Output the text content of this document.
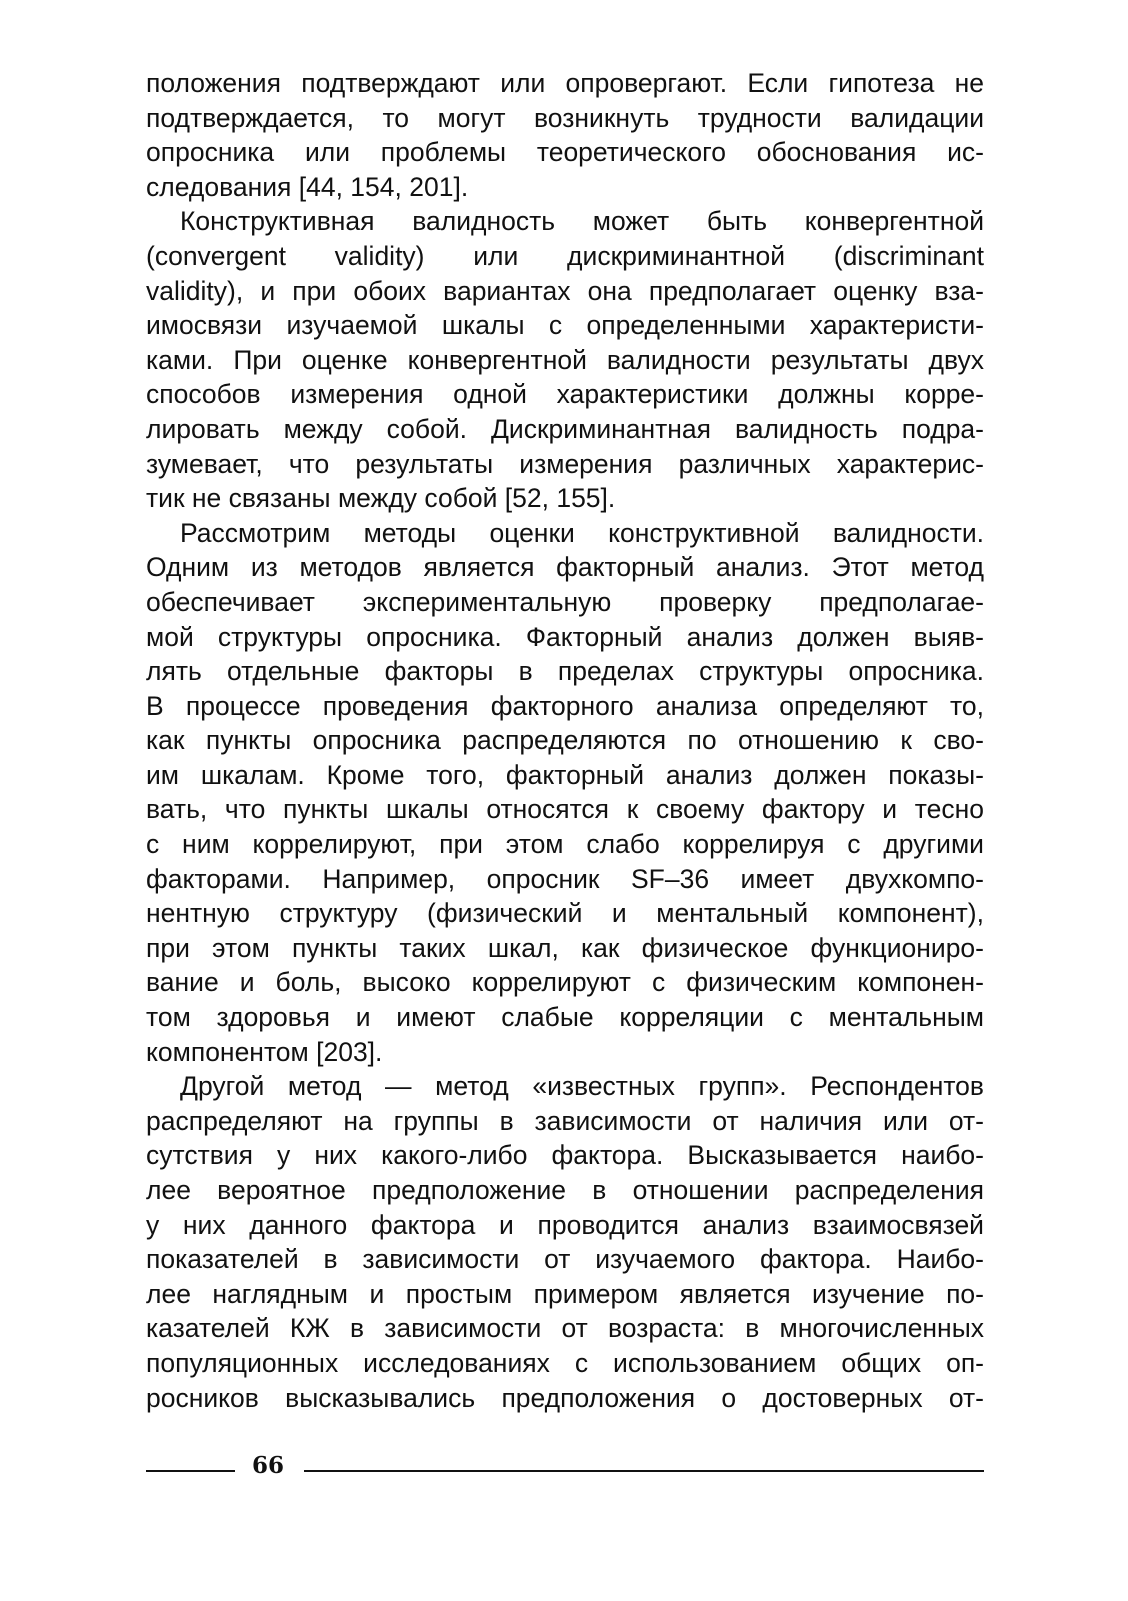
положения подтверждают или опровергают. Если гипотеза не
подтверждается, то могут возникнуть трудности валидации
опросника или проблемы теоретического обоснования ис-
следования [44, 154, 201].
Конструктивная валидность может быть конвергентной
(convergent validity) или дискриминантной (discriminant
validity), и при обоих вариантах она предполагает оценку вза-
имосвязи изучаемой шкалы с определенными характеристи-
ками. При оценке конвергентной валидности результаты двух
способов измерения одной характеристики должны корре-
лировать между собой. Дискриминантная валидность подра-
зумевает, что результаты измерения различных характерис-
тик не связаны между собой [52, 155].
Рассмотрим методы оценки конструктивной валидности.
Одним из методов является факторный анализ. Этот метод
обеспечивает экспериментальную проверку предполагае-
мой структуры опросника. Факторный анализ должен выяв-
лять отдельные факторы в пределах структуры опросника.
В процессе проведения факторного анализа определяют то,
как пункты опросника распределяются по отношению к сво-
им шкалам. Кроме того, факторный анализ должен показы-
вать, что пункты шкалы относятся к своему фактору и тесно
с ним коррелируют, при этом слабо коррелируя с другими
факторами. Например, опросник SF–36 имеет двухкомпо-
нентную структуру (физический и ментальный компонент),
при этом пункты таких шкал, как физическое функциониро-
вание и боль, высоко коррелируют с физическим компонен-
том здоровья и имеют слабые корреляции с ментальным
компонентом [203].
Другой метод — метод «известных групп». Респондентов
распределяют на группы в зависимости от наличия или от-
сутствия у них какого-либо фактора. Высказывается наибо-
лее вероятное предположение в отношении распределения
у них данного фактора и проводится анализ взаимосвязей
показателей в зависимости от изучаемого фактора. Наибо-
лее наглядным и простым примером является изучение по-
казателей КЖ в зависимости от возраста: в многочисленных
популяционных исследованиях с использованием общих оп-
росников высказывались предположения о достоверных от-
66
